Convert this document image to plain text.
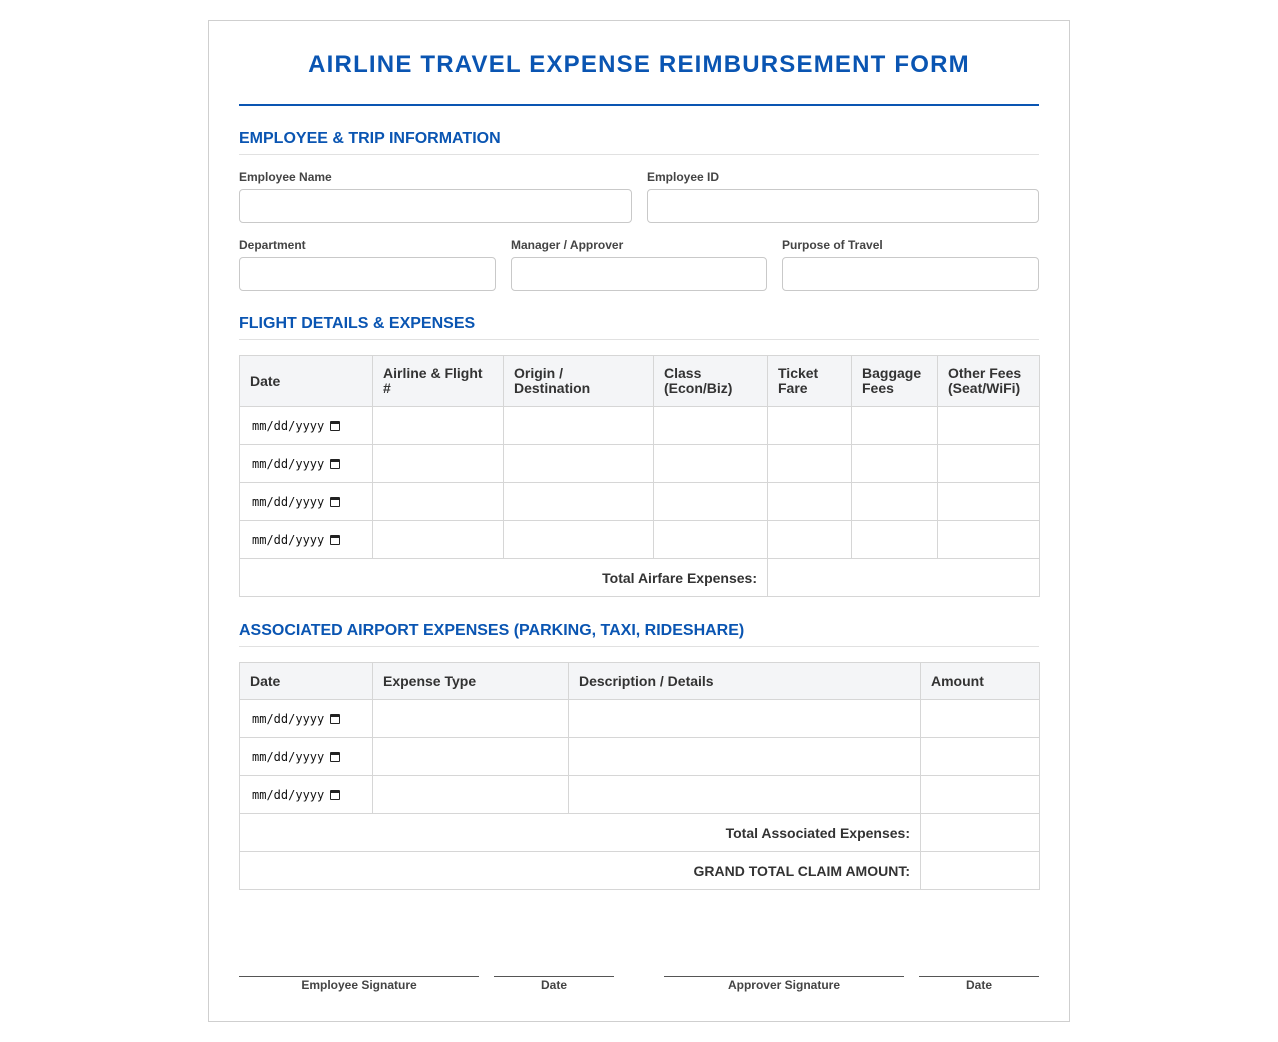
AIRLINE TRAVEL EXPENSE REIMBURSEMENT FORM
EMPLOYEE & TRIP INFORMATION
Employee Name	Employee ID
Department	Manager / Approver	Purpose of Travel
FLIGHT DETAILS & EXPENSES
Date	Airline & Flight #	Origin / Destination	Class (Econ/Biz)	Ticket Fare	Baggage Fees	Other Fees (Seat/WiFi)
mm/dd/yyyy						
mm/dd/yyyy						
mm/dd/yyyy						
mm/dd/yyyy						
Total Airfare Expenses:						
ASSOCIATED AIRPORT EXPENSES (PARKING, TAXI, RIDESHARE)
Date	Expense Type	Description / Details	Amount
mm/dd/yyyy			
mm/dd/yyyy			
mm/dd/yyyy			
Total Associated Expenses:			
GRAND TOTAL CLAIM AMOUNT:			
Employee Signature	Date	Approver Signature	Date
